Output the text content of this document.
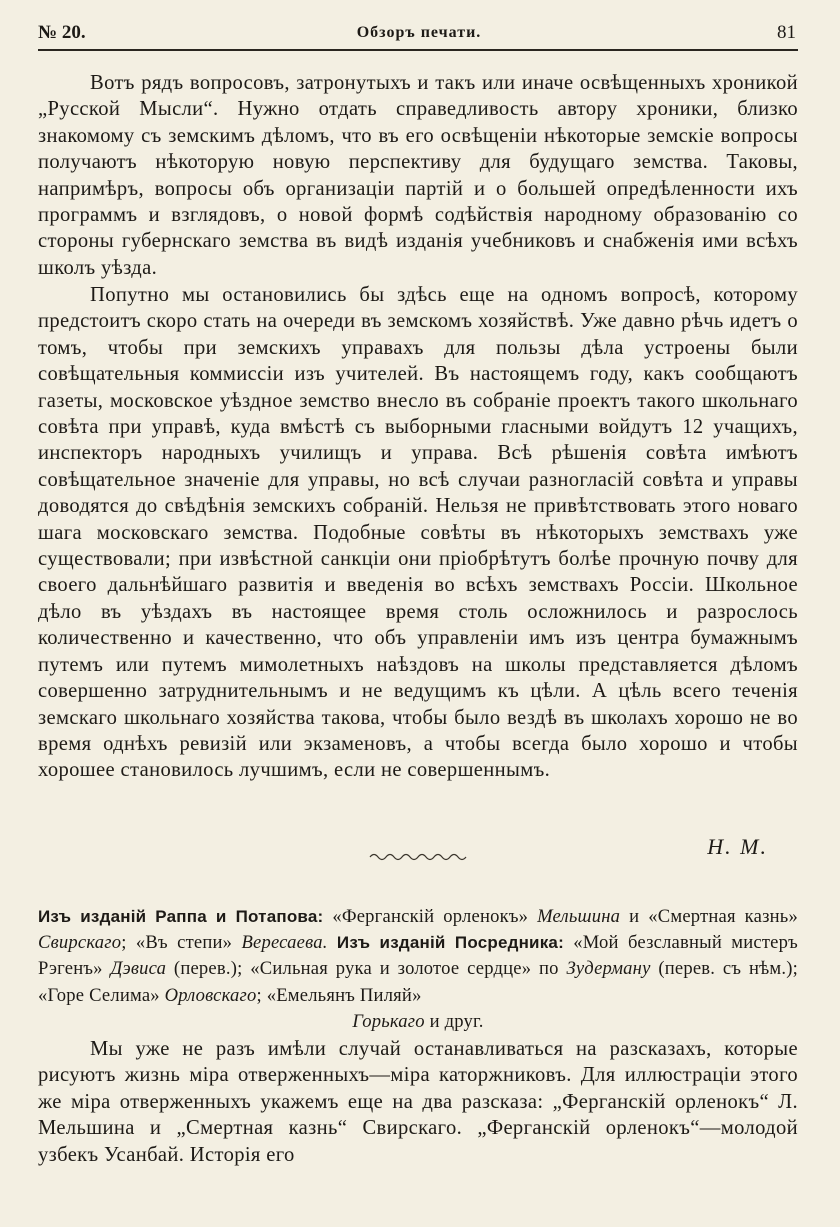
№ 20.	Обзоръ печати.	81

Вотъ рядъ вопросовъ, затронутыхъ и такъ или иначе освѣщенныхъ хроникой „Русской Мысли“. Нужно отдать справедливость автору хроники, близко знакомому съ земскимъ дѣломъ, что въ его освѣщеніи нѣкоторые земскіе вопросы получаютъ нѣкоторую новую перспективу для будущаго земства. Таковы, напримѣръ, вопросы объ организаціи партій и о большей опредѣленности ихъ программъ и взглядовъ, о новой формѣ содѣйствія народному образованію со стороны губернскаго земства въ видѣ изданія учебниковъ и снабженія ими всѣхъ школъ уѣзда.

Попутно мы остановились бы здѣсь еще на одномъ вопросѣ, которому предстоитъ скоро стать на очереди въ земскомъ хозяйствѣ. Уже давно рѣчь идетъ о томъ, чтобы при земскихъ управахъ для пользы дѣла устроены были совѣщательныя коммиссіи изъ учителей. Въ настоящемъ году, какъ сообщаютъ газеты, московское уѣздное земство внесло въ собраніе проектъ такого школьнаго совѣта при управѣ, куда вмѣстѣ съ выборными гласными войдутъ 12 учащихъ, инспекторъ народныхъ училищъ и управа. Всѣ рѣшенія совѣта имѣютъ совѣщательное значеніе для управы, но всѣ случаи разногласій совѣта и управы доводятся до свѣдѣнія земскихъ собраній. Нельзя не привѣтствовать этого новаго шага московскаго земства. Подобные совѣты въ нѣкоторыхъ земствахъ уже существовали; при извѣстной санкціи они пріобрѣтутъ болѣе прочную почву для своего дальнѣйшаго развитія и введенія во всѣхъ земствахъ Россіи. Школьное дѣло въ уѣздахъ въ настоящее время столь осложнилось и разрослось количественно и качественно, что объ управленіи имъ изъ центра бумажнымъ путемъ или путемъ мимолетныхъ наѣздовъ на школы представляется дѣломъ совершенно затруднительнымъ и не ведущимъ къ цѣли. А цѣль всего теченія земскаго школьнаго хозяйства такова, чтобы было вездѣ въ школахъ хорошо не во время однѣхъ ревизій или экзаменовъ, а чтобы всегда было хорошо и чтобы хорошее становилось лучшимъ, если не совершеннымъ.

Н. М.
Изъ изданій Раппа и Потапова: «Ферганскій орленокъ» Мельшина и «Смертная казнь» Свирскаго; «Въ степи» Вересаева. Изъ изданій Посредника: «Мой безславный мистеръ Рэгенъ» Дэвиса (перев.); «Сильная рука и золотое сердце» по Зудерману (перев. съ нѣм.); «Горе Селима» Орловскаго; «Емельянъ Пиляй»
Горькаго и друг.

Мы уже не разъ имѣли случай останавливаться на разсказахъ, которые рисуютъ жизнь міра отверженныхъ—міра каторжниковъ. Для иллюстраціи этого же міра отверженныхъ укажемъ еще на два разсказа: „Ферганскій орленокъ“ Л. Мельшина и „Смертная казнь“ Свирскаго. „Ферганскій орленокъ“—молодой узбекъ Усанбай. Исторія его
